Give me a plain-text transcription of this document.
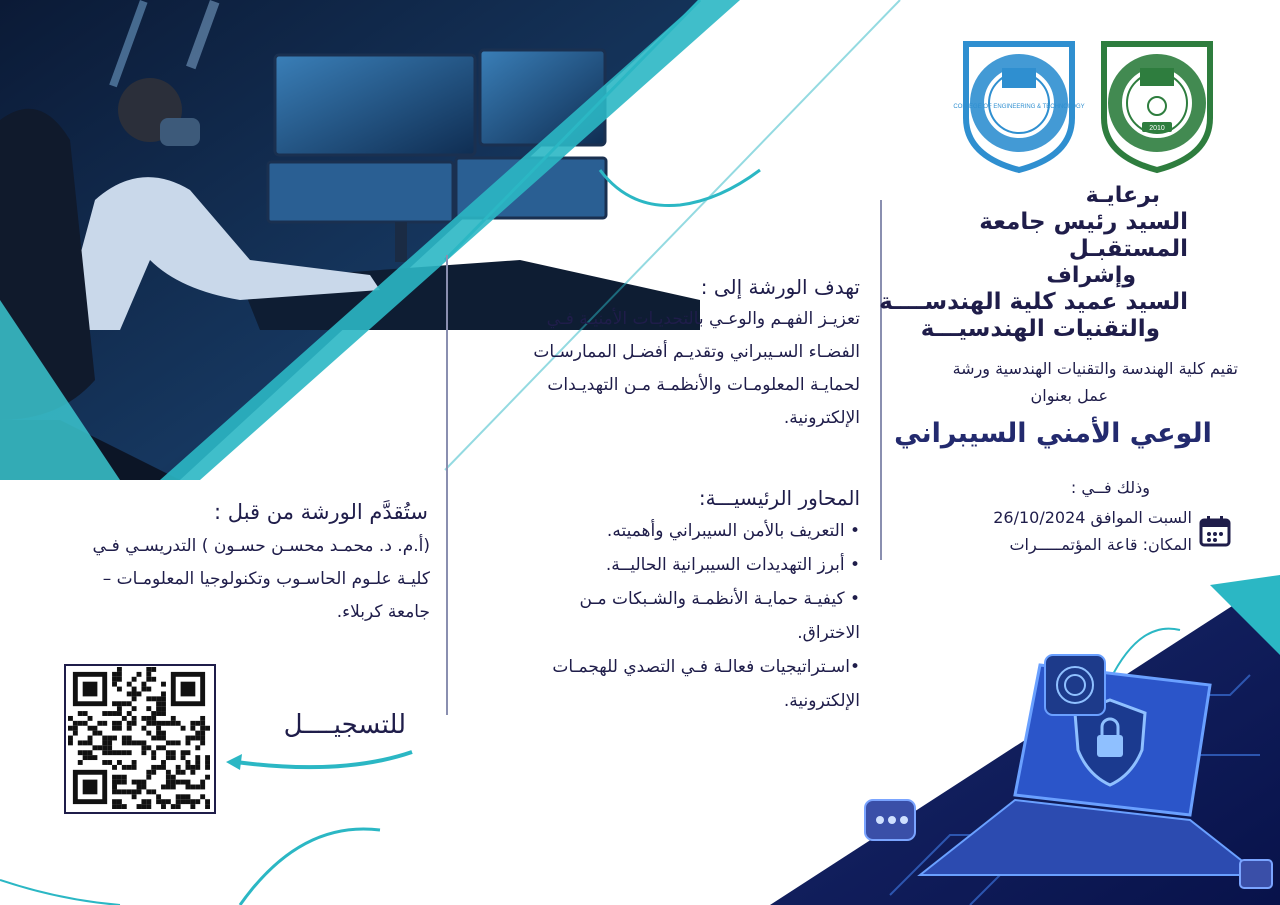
COLLEGE OF ENGINEERING & TECHNOLOGY
2010
برعايـة
السيد رئيس جامعة المستقبـل
وإشراف
السيد عميد كلية الهندســــة
والتقنيات الهندسيـــة
تقيم كلية الهندسة والتقنيات الهندسية ورشة
عمل بعنوان
الوعي الأمني السيبراني
وذلك فــي :
السبت الموافق 26/10/2024
المكان: قاعة المؤتمـــــرات
تهدف الورشة إلى :
تعزيـز الفهـم والوعـي بالتحديـات الأمنيـة فـي
الفضـاء السـيبراني وتقديـم أفضـل الممارسـات
لحمايـة المعلومـات والأنظمـة مـن التهديـدات
الإلكترونية.
المحاور الرئيسيـــة:
• التعريف بالأمن السيبراني وأهميته.
• أبرز التهديدات السيبرانية الحاليــة.
• كيفيـة حمايـة الأنظمـة والشـبكات مـن
الاختراق.
•اسـتراتيجيات فعالـة فـي التصدي للهجمـات
الإلكترونية.
ستُقدَّم الورشة من قبل :
(أ.م. د. محمـد محسـن حسـون ) التدريسـي فـي
كليـة علـوم الحاسـوب وتكنولوجيا المعلومـات –
جامعة كربلاء.
للتسجيــــل
